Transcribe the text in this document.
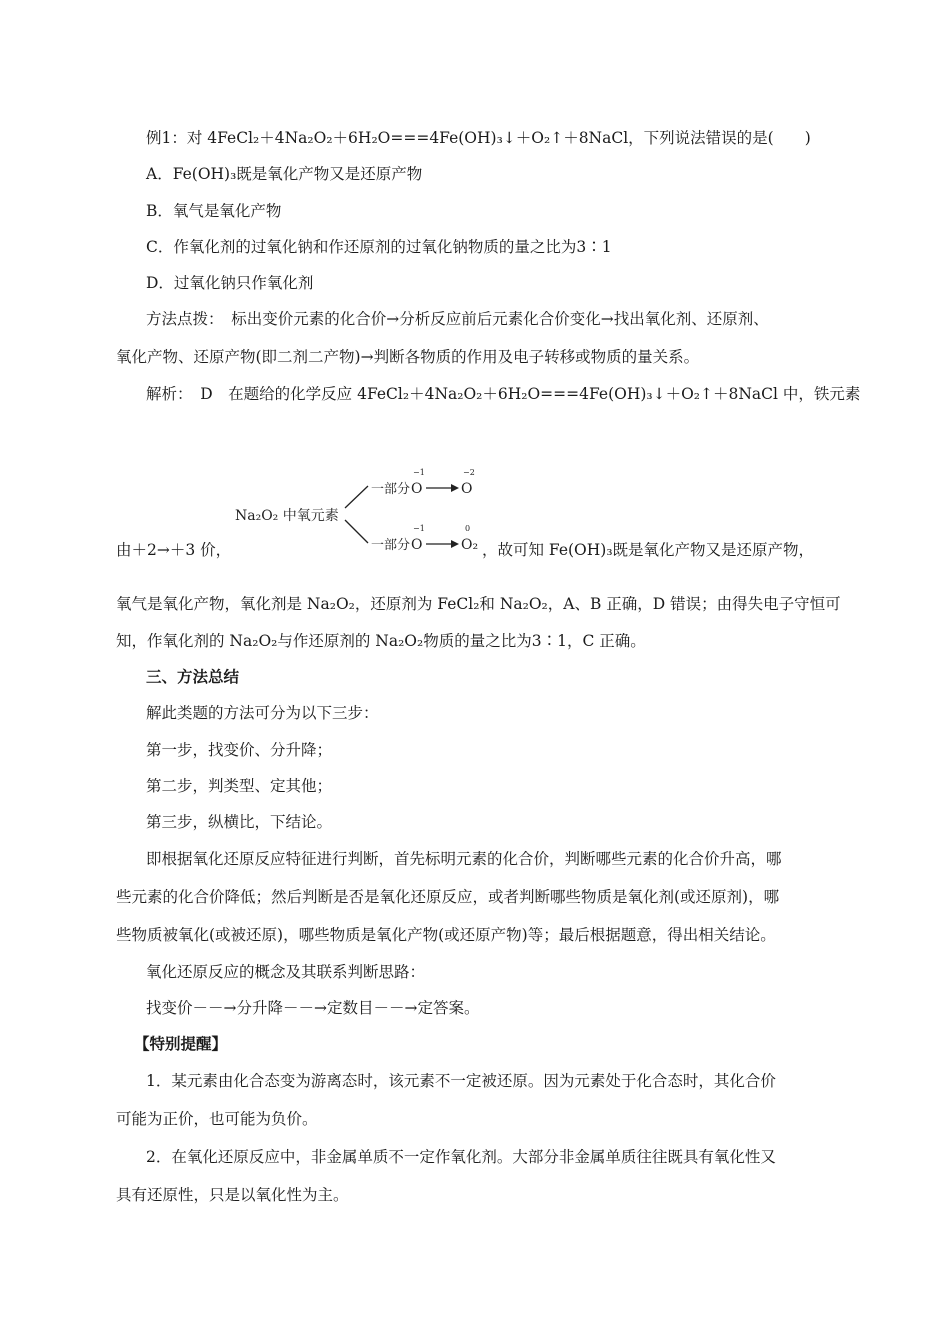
例1：对 4FeCl₂＋4Na₂O₂＋6H₂O===4Fe(OH)₃↓＋O₂↑＋8NaCl，下列说法错误的是(　　)
A．Fe(OH)₃既是氧化产物又是还原产物
B．氧气是氧化产物
C．作氧化剂的过氧化钠和作还原剂的过氧化钠物质的量之比为3∶1
D．过氧化钠只作氧化剂
方法点拨：　标出变价元素的化合价→分析反应前后元素化合价变化→找出氧化剂、还原剂、
氧化产物、还原产物(即二剂二产物)→判断各物质的作用及电子转移或物质的量关系。
解析：　D　在题给的化学反应 4FeCl₂＋4Na₂O₂＋6H₂O===4Fe(OH)₃↓＋O₂↑＋8NaCl 中，铁元素
Na₂O₂ 中氧元素
一部分
−1
O
−2
O
一部分
−1
O
0
O₂
由＋2→＋3 价，	，故可知 Fe(OH)₃既是氧化产物又是还原产物，
氧气是氧化产物，氧化剂是 Na₂O₂，还原剂为 FeCl₂和 Na₂O₂，A、B 正确，D 错误；由得失电子守恒可
知，作氧化剂的 Na₂O₂与作还原剂的 Na₂O₂物质的量之比为3∶1，C 正确。
三、方法总结
解此类题的方法可分为以下三步：
第一步，找变价、分升降；
第二步，判类型、定其他；
第三步，纵横比，下结论。
即根据氧化还原反应特征进行判断，首先标明元素的化合价，判断哪些元素的化合价升高，哪
些元素的化合价降低；然后判断是否是氧化还原反应，或者判断哪些物质是氧化剂(或还原剂)，哪
些物质被氧化(或被还原)，哪些物质是氧化产物(或还原产物)等；最后根据题意，得出相关结论。
氧化还原反应的概念及其联系判断思路：
找变价－－→分升降－－→定数目－－→定答案。
【特别提醒】
1．某元素由化合态变为游离态时，该元素不一定被还原。因为元素处于化合态时，其化合价
可能为正价，也可能为负价。
2．在氧化还原反应中，非金属单质不一定作氧化剂。大部分非金属单质往往既具有氧化性又
具有还原性，只是以氧化性为主。
